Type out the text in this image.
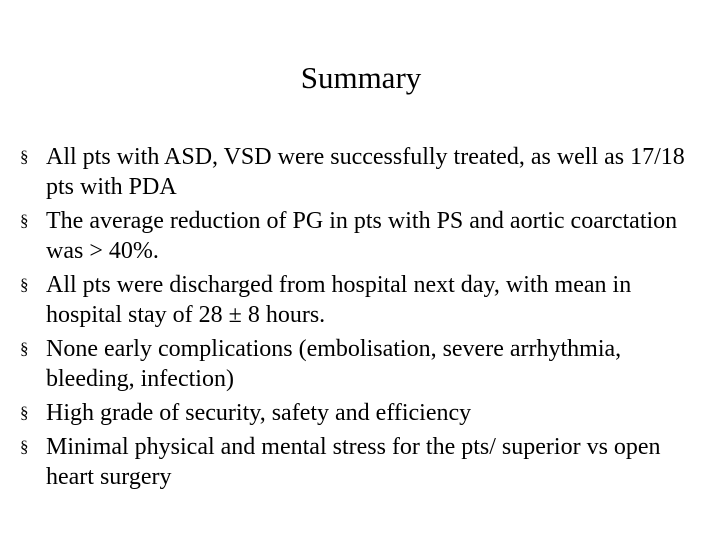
Summary
§ All pts with ASD, VSD were successfully treated, as well as 17/18 pts with PDA
§ The average reduction of PG in pts with PS and aortic coarctation was > 40%.
§ All pts were discharged from hospital next day, with mean in hospital stay of 28 ± 8 hours.
§ None early complications (embolisation, severe arrhythmia, bleeding, infection)
§ High grade of security, safety and efficiency
§ Minimal physical and mental stress for the pts/ superior vs open heart surgery
